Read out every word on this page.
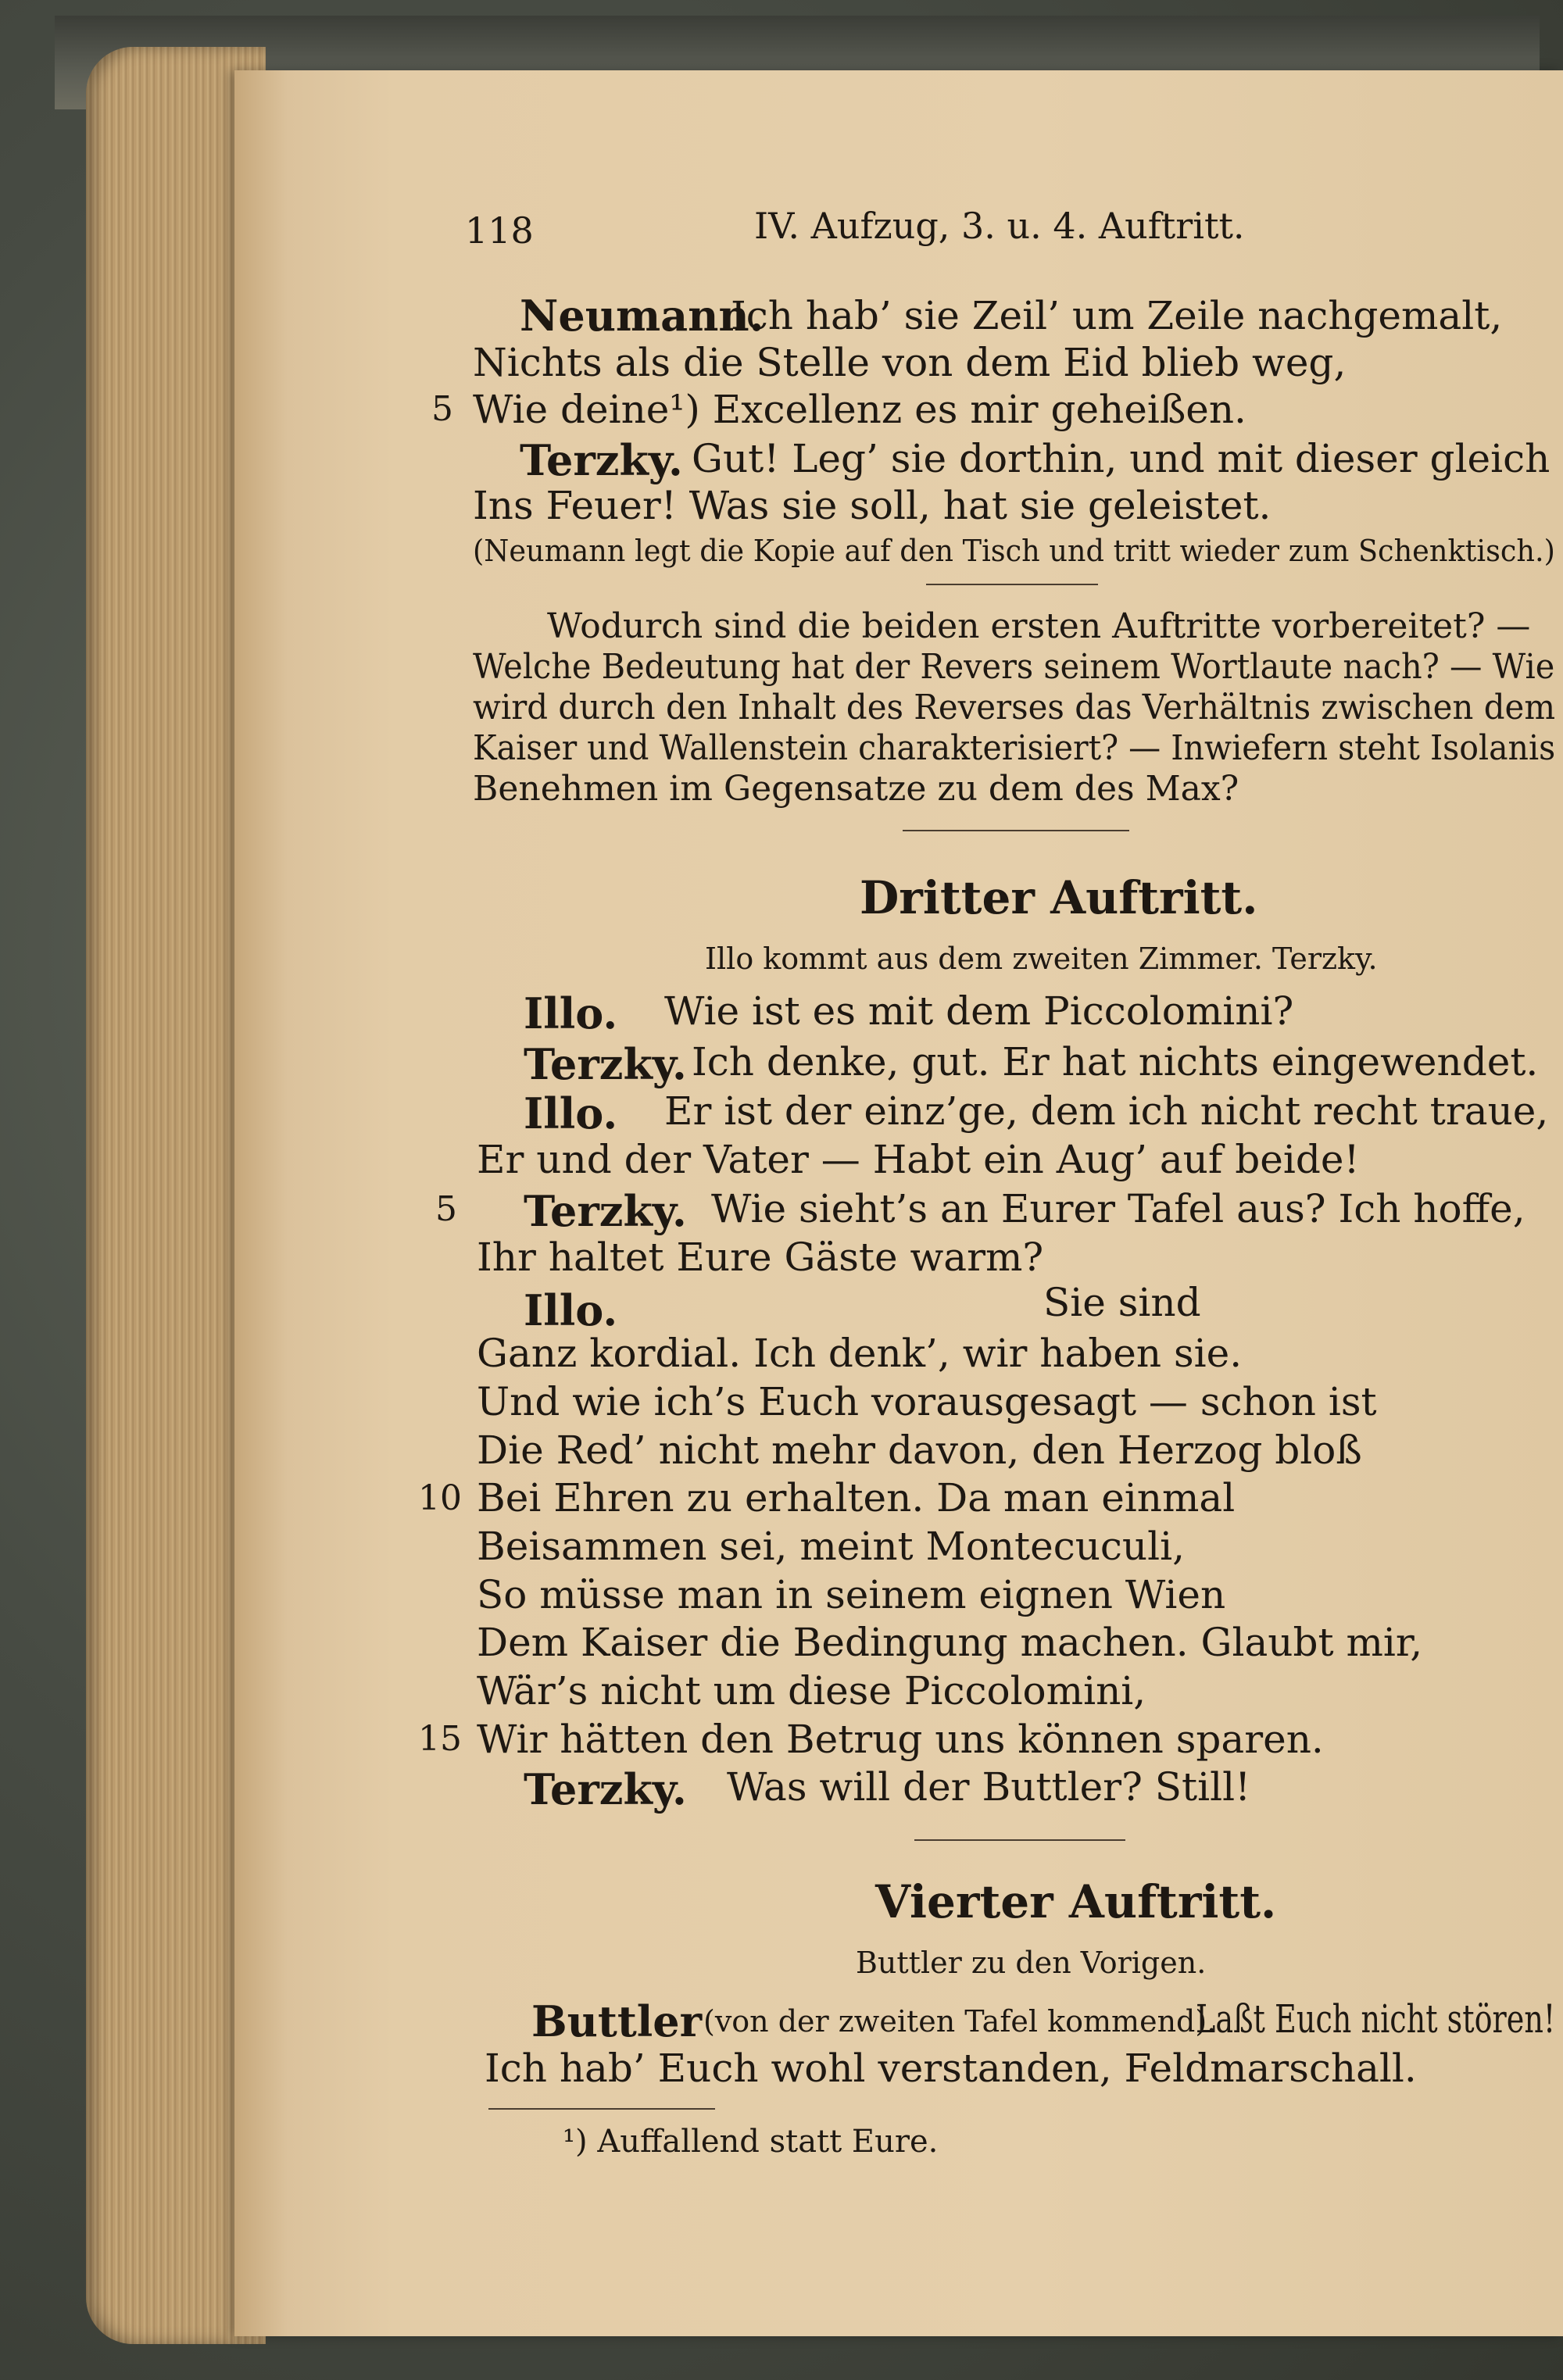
118	IV. Aufzug, 3. u. 4. Auftritt.
Neumann.
Ich hab’ sie Zeil’ um Zeile nachgemalt,
Nichts als die Stelle von dem Eid blieb weg,
5 Wie deine¹) Excellenz es mir geheißen.
Terzky. Gut! Leg’ sie dorthin, und mit dieser gleich
Ins Feuer! Was sie soll, hat sie geleistet.
(Neumann legt die Kopie auf den Tisch und tritt wieder zum Schenktisch.)
Wodurch sind die beiden ersten Auftritte vorbereitet? —
Welche Bedeutung hat der Revers seinem Wortlaute nach? — Wie
wird durch den Inhalt des Reverses das Verhältnis zwischen dem
Kaiser und Wallenstein charakterisiert? — Inwiefern steht Isolanis
Benehmen im Gegensatze zu dem des Max?
Dritter Auftritt.
Illo kommt aus dem zweiten Zimmer. Terzky.
Illo. Wie ist es mit dem Piccolomini?
Terzky. Ich denke, gut. Er hat nichts eingewendet.
Illo. Er ist der einz’ge, dem ich nicht recht traue,
Er und der Vater — Habt ein Aug’ auf beide!
5 Terzky. Wie sieht’s an Eurer Tafel aus? Ich hoffe,
Ihr haltet Eure Gäste warm?
Illo.	Sie sind
Ganz kordial. Ich denk’, wir haben sie.
Und wie ich’s Euch vorausgesagt — schon ist
Die Red’ nicht mehr davon, den Herzog bloß
10 Bei Ehren zu erhalten. Da man einmal
Beisammen sei, meint Montecuculi,
So müsse man in seinem eignen Wien
Dem Kaiser die Bedingung machen. Glaubt mir,
Wär’s nicht um diese Piccolomini,
15 Wir hätten den Betrug uns können sparen.
Terzky. Was will der Buttler? Still!
Vierter Auftritt.
Buttler zu den Vorigen.
Buttler (von der zweiten Tafel kommend).
Laßt Euch nicht stören!
Ich hab’ Euch wohl verstanden, Feldmarschall.
¹) Auffallend statt Eure.
